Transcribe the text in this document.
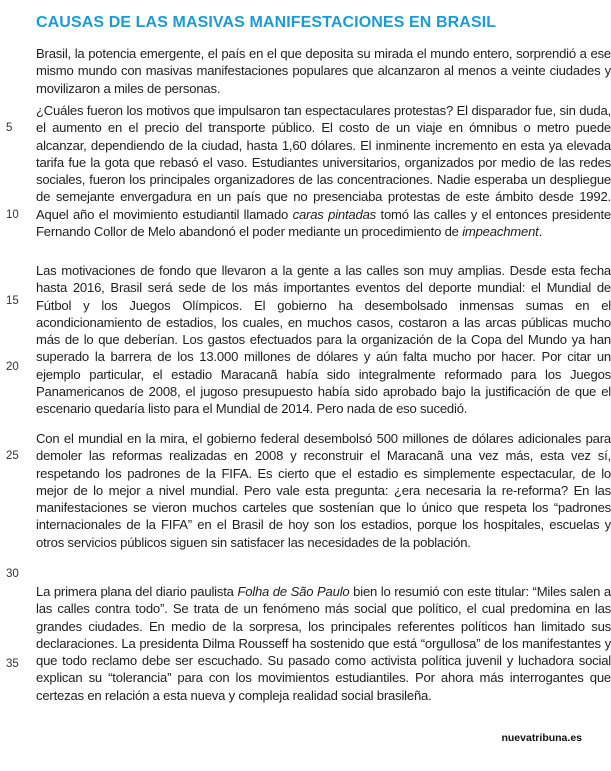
CAUSAS DE LAS MASIVAS MANIFESTACIONES EN BRASIL
5
10
15
20
25
30
35

Brasil, la potencia emergente, el país en el que deposita su mirada el mundo entero, sorprendió a ese mismo mundo con masivas manifestaciones populares que alcanzaron al menos a veinte ciudades y movilizaron a miles de personas.

¿Cuáles fueron los motivos que impulsaron tan espectaculares protestas? El disparador fue, sin duda, el aumento en el precio del transporte público. El costo de un viaje en ómnibus o metro puede alcanzar, dependiendo de la ciudad, hasta 1,60 dólares. El inminente incremento en esta ya elevada tarifa fue la gota que rebasó el vaso. Estudiantes universitarios, organizados por medio de las redes sociales, fueron los principales organizadores de las concentraciones. Nadie esperaba un despliegue de semejante envergadura en un país que no presenciaba protestas de este ámbito desde 1992. Aquel año el movimiento estudiantil llamado caras pintadas tomó las calles y el entonces presidente Fernando Collor de Melo abandonó el poder mediante un procedimiento de impeachment.

Las motivaciones de fondo que llevaron a la gente a las calles son muy amplias. Desde esta fecha hasta 2016, Brasil será sede de los más importantes eventos del deporte mundial: el Mundial de Fútbol y los Juegos Olímpicos. El gobierno ha desembolsado inmensas sumas en el acondicionamiento de estadios, los cuales, en muchos casos, costaron a las arcas públicas mucho más de lo que deberían. Los gastos efectuados para la organización de la Copa del Mundo ya han superado la barrera de los 13.000 millones de dólares y aún falta mucho por hacer. Por citar un ejemplo particular, el estadio Maracanã había sido integralmente reformado para los Juegos Panamericanos de 2008, el jugoso presupuesto había sido aprobado bajo la justificación de que el escenario quedaría listo para el Mundial de 2014. Pero nada de eso sucedió.

Con el mundial en la mira, el gobierno federal desembolsó 500 millones de dólares adicionales para demoler las reformas realizadas en 2008 y reconstruir el Maracanã una vez más, esta vez sí, respetando los padrones de la FIFA. Es cierto que el estadio es simplemente espectacular, de lo mejor de lo mejor a nivel mundial. Pero vale esta pregunta: ¿era necesaria la re-reforma? En las manifestaciones se vieron muchos carteles que sostenían que lo único que respeta los “padrones internacionales de la FIFA” en el Brasil de hoy son los estadios, porque los hospitales, escuelas y otros servicios públicos siguen sin satisfacer las necesidades de la población.

La primera plana del diario paulista Folha de São Paulo bien lo resumió con este titular: “Miles salen a las calles contra todo”. Se trata de un fenómeno más social que político, el cual predomina en las grandes ciudades. En medio de la sorpresa, los principales referentes políticos han limitado sus declaraciones. La presidenta Dilma Rousseff ha sostenido que está “orgullosa” de los manifestantes y que todo reclamo debe ser escuchado. Su pasado como activista política juvenil y luchadora social explican su “tolerancia” para con los movimientos estudiantiles. Por ahora más interrogantes que certezas en relación a esta nueva y compleja realidad social brasileña.

nuevatribuna.es
